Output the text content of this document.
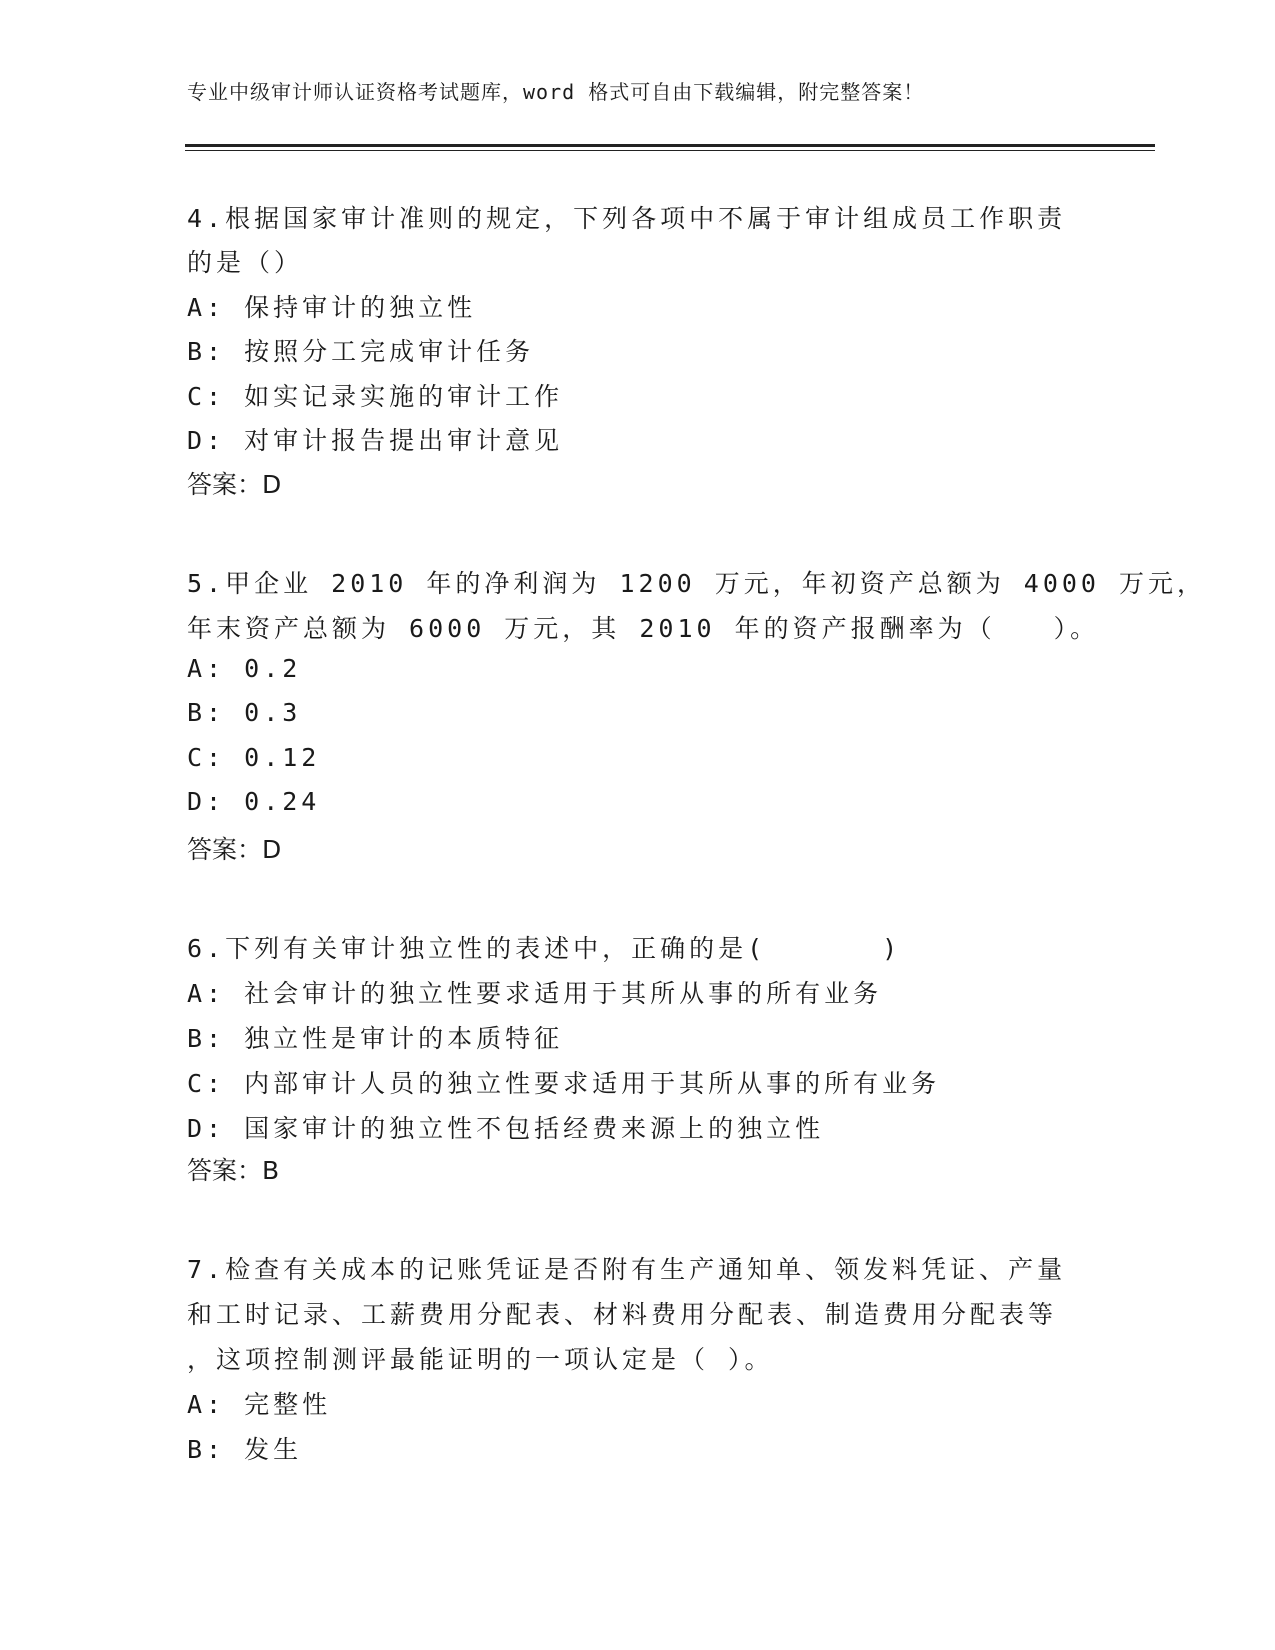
专业中级审计师认证资格考试题库，word 格式可自由下载编辑，附完整答案！
4.根据国家审计准则的规定，下列各项中不属于审计组成员工作职责
的是（）
A: 保持审计的独立性
B: 按照分工完成审计任务
C: 如实记录实施的审计工作
D: 对审计报告提出审计意见
答案：D
5.甲企业 2010 年的净利润为 1200 万元，年初资产总额为 4000 万元，
年末资产总额为 6000 万元，其 2010 年的资产报酬率为（　　）。
A: 0.2
B: 0.3
C: 0.12
D: 0.24
答案：D
6.下列有关审计独立性的表述中，正确的是(　　　　)
A: 社会审计的独立性要求适用于其所从事的所有业务
B: 独立性是审计的本质特征
C: 内部审计人员的独立性要求适用于其所从事的所有业务
D: 国家审计的独立性不包括经费来源上的独立性
答案：B
7.检查有关成本的记账凭证是否附有生产通知单、领发料凭证、产量
和工时记录、工薪费用分配表、材料费用分配表、制造费用分配表等
，这项控制测评最能证明的一项认定是（ ）。
A: 完整性
B: 发生
